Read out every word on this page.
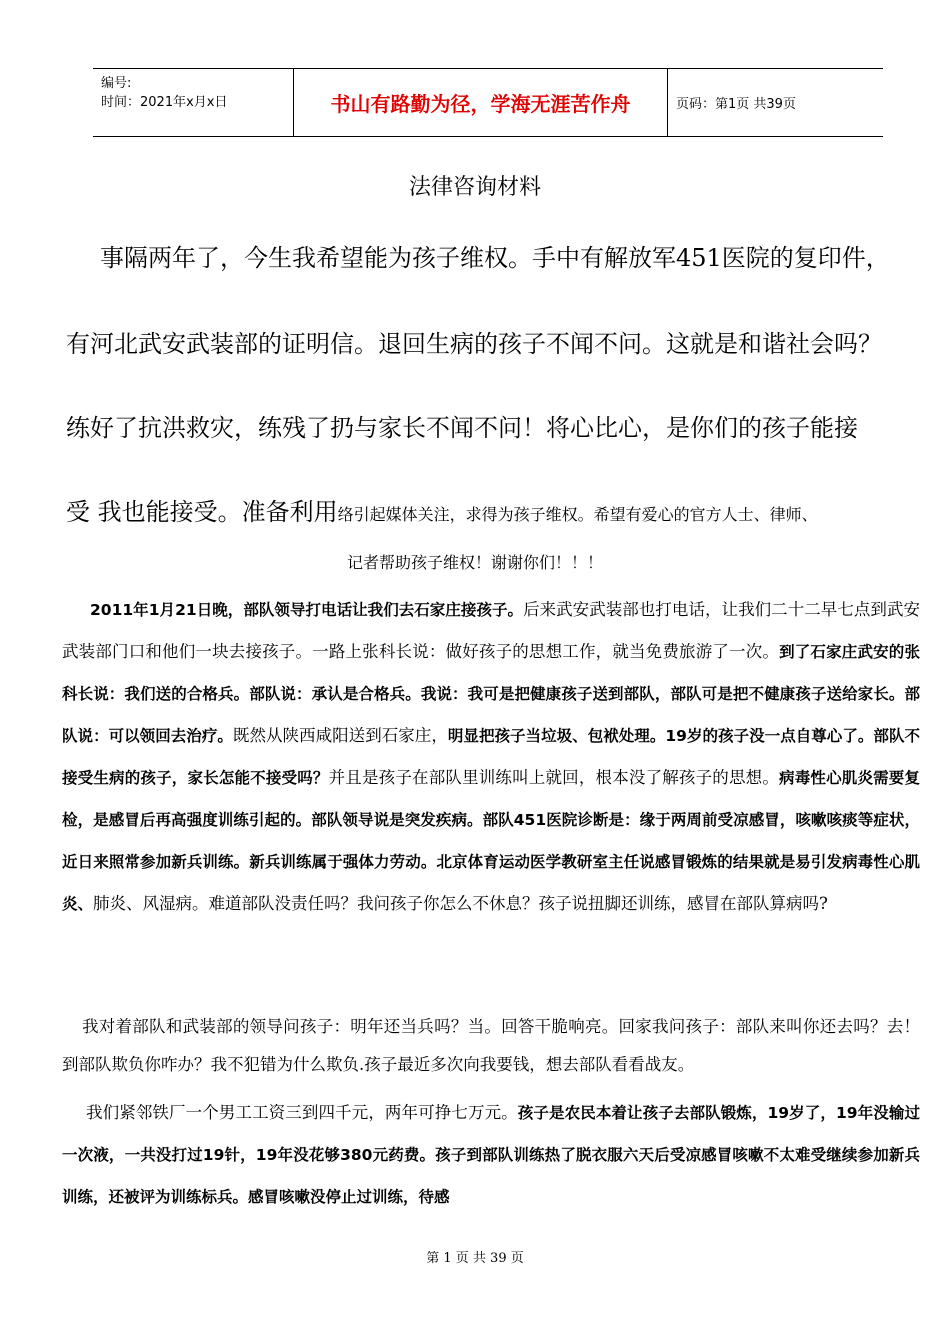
编号:
时间：2021年x月x日	书山有路勤为径，学海无涯苦作舟	页码：第1页 共39页
法律咨询材料
事隔两年了，今生我希望能为孩子维权。手中有解放军451医院的复印件，
有河北武安武装部的证明信。退回生病的孩子不闻不问。这就是和谐社会吗？
练好了抗洪救灾，练残了扔与家长不闻不问！将心比心，是你们的孩子能接
受 我也能接受。准备利用络引起媒体关注，求得为孩子维权。希望有爱心的官方人士、律师、
记者帮助孩子维权！谢谢你们！！！
2011年1月21日晚，部队领导打电话让我们去石家庄接孩子。后来武安武装部也打电话，让我们二十二早七点到武安武装部门口和他们一块去接孩子。一路上张科长说：做好孩子的思想工作，就当免费旅游了一次。到了石家庄武安的张科长说：我们送的合格兵。部队说：承认是合格兵。我说：我可是把健康孩子送到部队，部队可是把不健康孩子送给家长。部队说：可以领回去治疗。既然从陕西咸阳送到石家庄，明显把孩子当垃圾、包袱处理。19岁的孩子没一点自尊心了。部队不接受生病的孩子，家长怎能不接受吗？并且是孩子在部队里训练叫上就回，根本没了解孩子的思想。病毒性心肌炎需要复检，是感冒后再高强度训练引起的。部队领导说是突发疾病。部队451医院诊断是：缘于两周前受凉感冒，咳嗽咳痰等症状，近日来照常参加新兵训练。新兵训练属于强体力劳动。北京体育运动医学教研室主任说感冒锻炼的结果就是易引发病毒性心肌炎、肺炎、风湿病。难道部队没责任吗？我问孩子你怎么不休息？孩子说扭脚还训练，感冒在部队算病吗?
我对着部队和武装部的领导问孩子：明年还当兵吗？当。回答干脆响亮。回家我问孩子：部队来叫你还去吗？去！到部队欺负你咋办？我不犯错为什么欺负.孩子最近多次向我要钱，想去部队看看战友。
我们紧邻铁厂一个男工工资三到四千元，两年可挣七万元。孩子是农民本着让孩子去部队锻炼，19岁了，19年没输过一次液，一共没打过19针，19年没花够380元药费。孩子到部队训练热了脱衣服六天后受凉感冒咳嗽不太难受继续参加新兵训练，还被评为训练标兵。感冒咳嗽没停止过训练，待感
第 1 页 共 39 页
